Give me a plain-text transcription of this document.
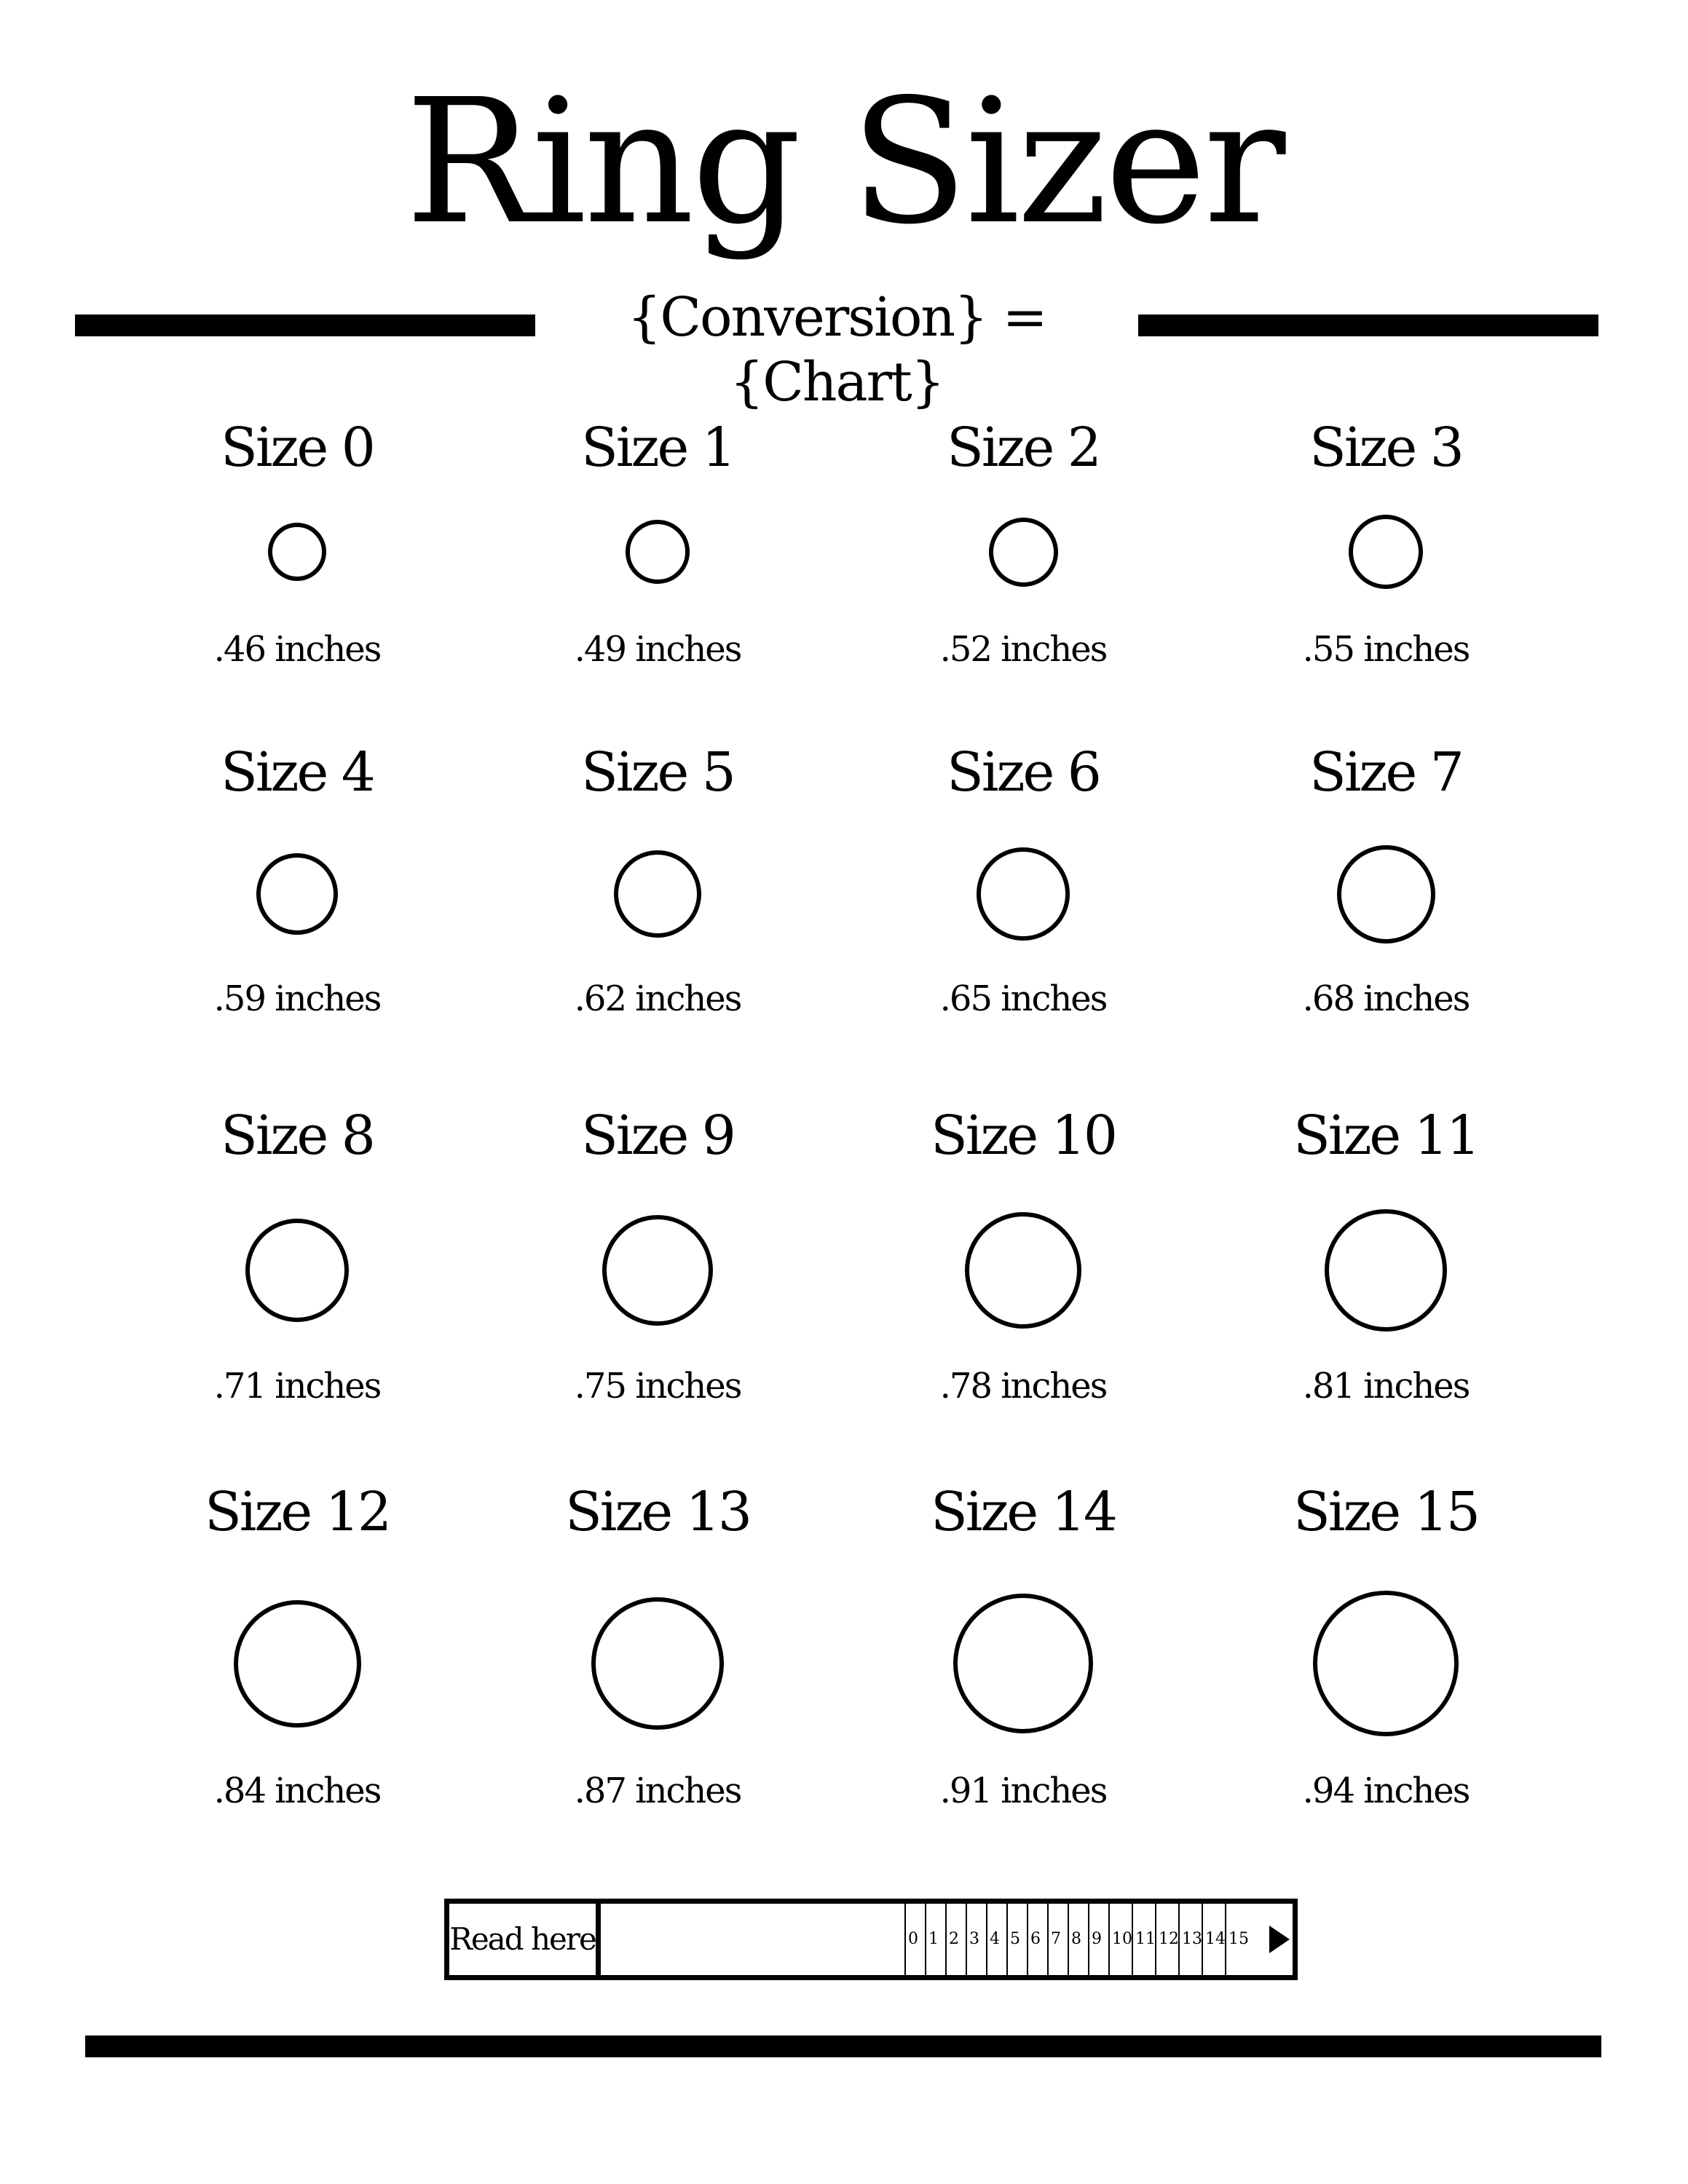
Ring Sizer
{Conversion} = {Chart}
Size 0
.46 inches
Size 1
.49 inches
Size 2
.52 inches
Size 3
.55 inches
Size 4
.59 inches
Size 5
.62 inches
Size 6
.65 inches
Size 7
.68 inches
Size 8
.71 inches
Size 9
.75 inches
Size 10
.78 inches
Size 11
.81 inches
Size 12
.84 inches
Size 13
.87 inches
Size 14
.91 inches
Size 15
.94 inches
Read here	0 1 2 3 4 5 6 7 8 9 10 11 12 13 14 15
